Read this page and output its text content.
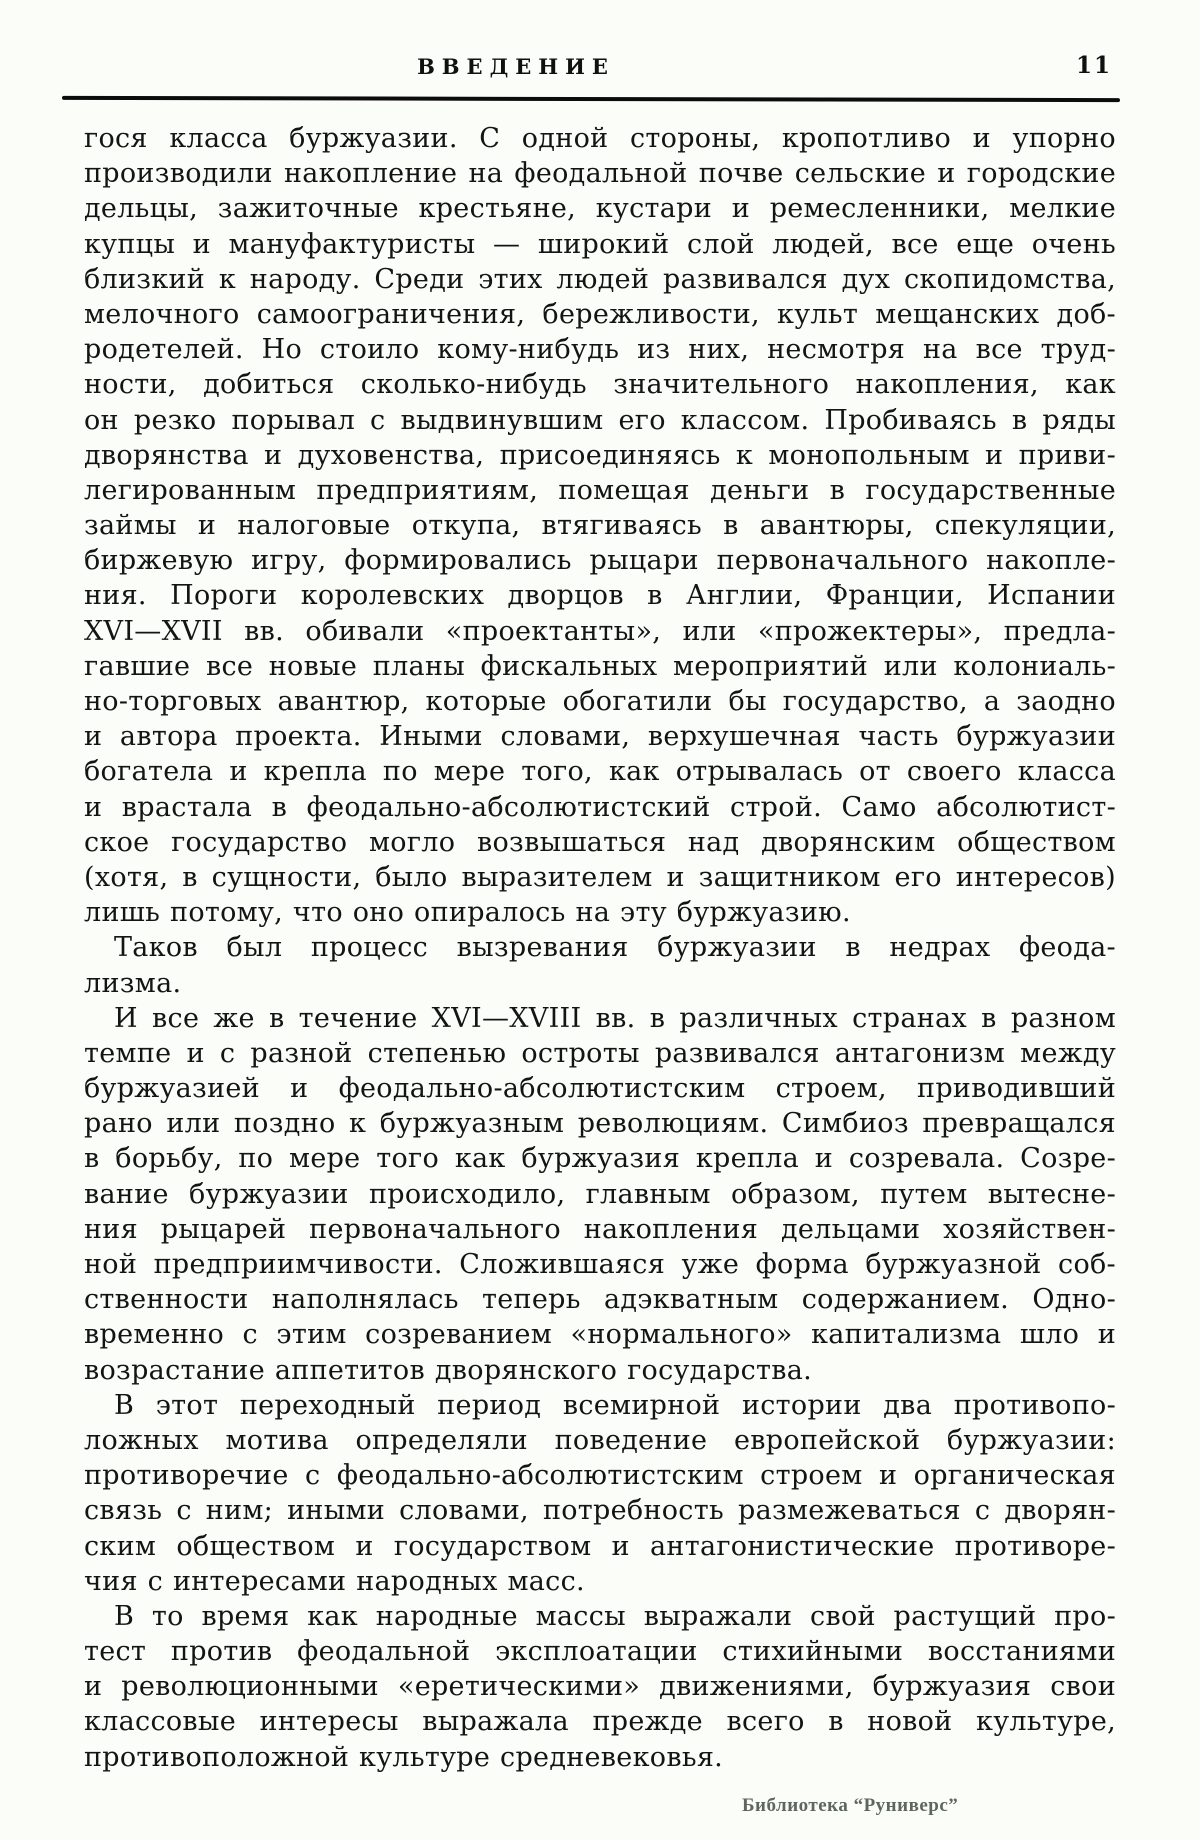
ВВЕДЕНИЕ	11
гося класса буржуазии. С одной стороны, кропотливо и упорно
производили накопление на феодальной почве сельские и городские
дельцы, зажиточные крестьяне, кустари и ремесленники, мелкие
купцы и мануфактуристы — широкий слой людей, все еще очень
близкий к народу. Среди этих людей развивался дух скопидомства,
мелочного самоограничения, бережливости, культ мещанских доб-
родетелей. Но стоило кому-нибудь из них, несмотря на все труд-
ности, добиться сколько-нибудь значительного накопления, как
он резко порывал с выдвинувшим его классом. Пробиваясь в ряды
дворянства и духовенства, присоединяясь к монопольным и приви-
легированным предприятиям, помещая деньги в государственные
займы и налоговые откупа, втягиваясь в авантюры, спекуляции,
биржевую игру, формировались рыцари первоначального накопле-
ния. Пороги королевских дворцов в Англии, Франции, Испании
XVI—XVII вв. обивали «проектанты», или «прожектеры», предла-
гавшие все новые планы фискальных мероприятий или колониаль-
но-торговых авантюр, которые обогатили бы государство, а заодно
и автора проекта. Иными словами, верхушечная часть буржуазии
богатела и крепла по мере того, как отрывалась от своего класса
и врастала в феодально-абсолютистский строй. Само абсолютист-
ское государство могло возвышаться над дворянским обществом
(хотя, в сущности, было выразителем и защитником его интересов)
лишь потому, что оно опиралось на эту буржуазию.
Таков был процесс вызревания буржуазии в недрах феода-
лизма.
И все же в течение XVI—XVIII вв. в различных странах в разном
темпе и с разной степенью остроты развивался антагонизм между
буржуазией и феодально-абсолютистским строем, приводивший
рано или поздно к буржуазным революциям. Симбиоз превращался
в борьбу, по мере того как буржуазия крепла и созревала. Созре-
вание буржуазии происходило, главным образом, путем вытесне-
ния рыцарей первоначального накопления дельцами хозяйствен-
ной предприимчивости. Сложившаяся уже форма буржуазной соб-
ственности наполнялась теперь адэкватным содержанием. Одно-
временно с этим созреванием «нормального» капитализма шло и
возрастание аппетитов дворянского государства.
В этот переходный период всемирной истории два противопо-
ложных мотива определяли поведение европейской буржуазии:
противоречие с феодально-абсолютистским строем и органическая
связь с ним; иными словами, потребность размежеваться с дворян-
ским обществом и государством и антагонистические противоре-
чия с интересами народных масс.
В то время как народные массы выражали свой растущий про-
тест против феодальной эксплоатации стихийными восстаниями
и революционными «еретическими» движениями, буржуазия свои
классовые интересы выражала прежде всего в новой культуре,
противоположной культуре средневековья.
Библиотека “Руниверс”
